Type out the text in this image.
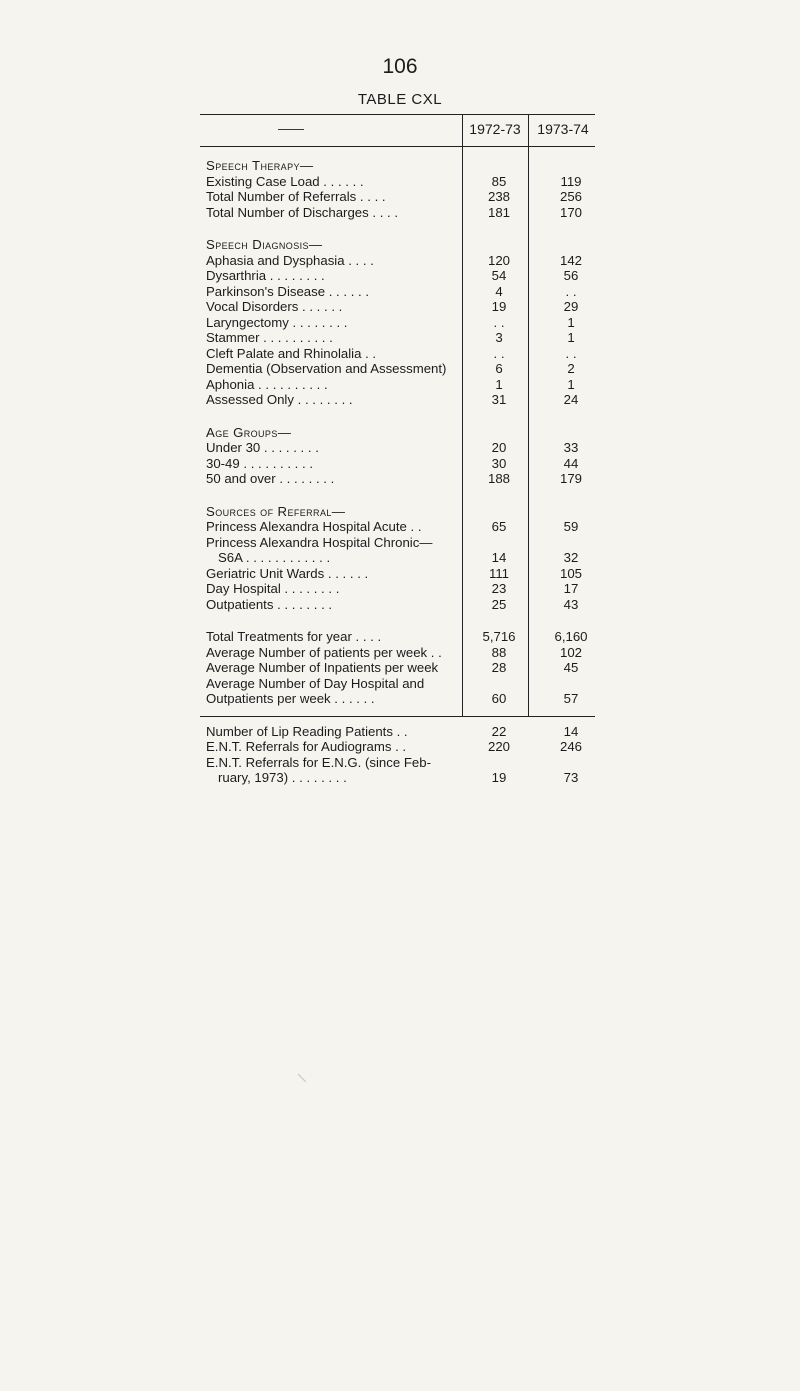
106
TABLE CXL
——	1972-73	1973-74
Speech Therapy—
Existing Case Load . . . . . .	85	119
Total Number of Referrals . . . .	238	256
Total Number of Discharges . . . .	181	170
Speech Diagnosis—
Aphasia and Dysphasia . . . .	120	142
Dysarthria . . . . . . . .	54	56
Parkinson's Disease . . . . . .	4	. .
Vocal Disorders . . . . . .	19	29
Laryngectomy . . . . . . . .	. .	1
Stammer . . . . . . . . . .	3	1
Cleft Palate and Rhinolalia . .	. .	. .
Dementia (Observation and Assessment)	6	2
Aphonia . . . . . . . . . .	1	1
Assessed Only . . . . . . . .	31	24
Age Groups—
Under 30 . . . . . . . .	20	33
30-49 . . . . . . . . . .	30	44
50 and over . . . . . . . .	188	179
Sources of Referral—
Princess Alexandra Hospital Acute . .	65	59
Princess Alexandra Hospital Chronic—
S6A . . . . . . . . . . . .	14	32
Geriatric Unit Wards . . . . . .	111	105
Day Hospital . . . . . . . .	23	17
Outpatients . . . . . . . .	25	43
Total Treatments for year . . . .	5,716	6,160
Average Number of patients per week . .	88	102
Average Number of Inpatients per week	28	45
Average Number of Day Hospital and
Outpatients per week . . . . . .	60	57
Number of Lip Reading Patients . .	22	14
E.N.T. Referrals for Audiograms . .	220	246
E.N.T. Referrals for E.N.G. (since Feb-
ruary, 1973) . . . . . . . .	19	73
/
